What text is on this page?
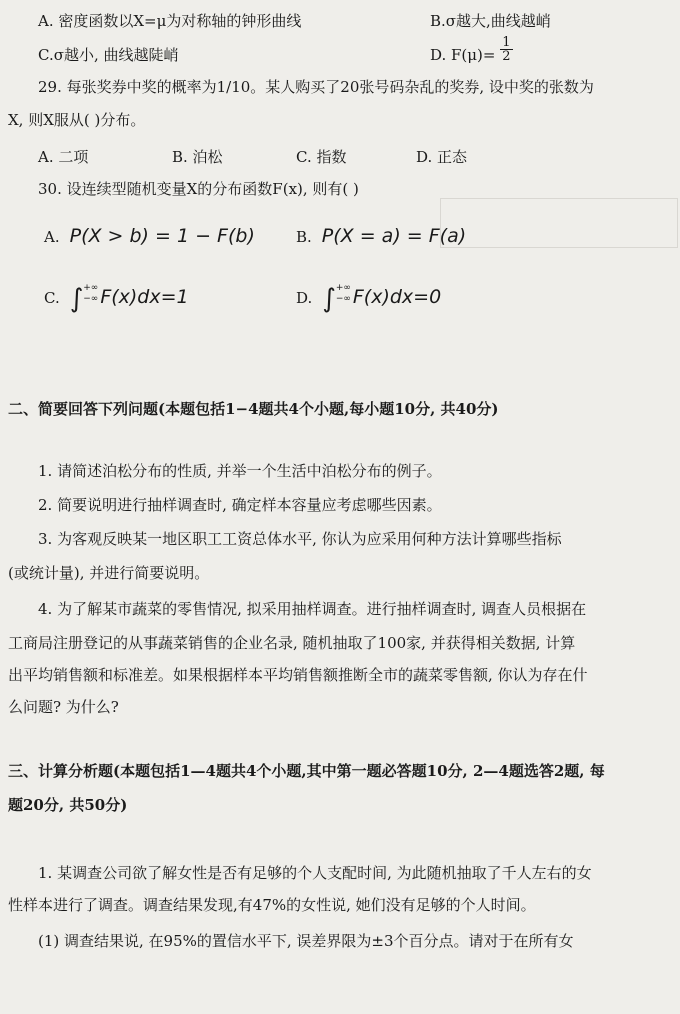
A. 密度函数以X=μ为对称轴的钟形曲线	B.σ越大,曲线越峭
C.σ越小, 曲线越陡峭	D. $F(\mu)= \frac{1}{2}$
29. 每张奖券中奖的概率为1/10。某人购买了20张号码杂乱的奖券, 设中奖的张数为
X, 则X服从( )分布。
A. 二项	B. 泊松	C. 指数	D. 正态
30. 设连续型随机变量X的分布函数F(x), 则有( )
A. P(X > b) = 1 − F(b)	B. P(X = a) = F(a)
C. ∫+∞
−∞ F(x)dx=1	D. ∫+∞
−∞ F(x)dx=0
二、简要回答下列问题(本题包括1−4题共4个小题,每小题10分, 共40分)
1. 请简述泊松分布的性质, 并举一个生活中泊松分布的例子。
2. 简要说明进行抽样调查时, 确定样本容量应考虑哪些因素。
3. 为客观反映某一地区职工工资总体水平, 你认为应采用何种方法计算哪些指标
(或统计量), 并进行简要说明。
4. 为了解某市蔬菜的零售情况, 拟采用抽样调查。进行抽样调查时, 调查人员根据在
工商局注册登记的从事蔬菜销售的企业名录, 随机抽取了100家, 并获得相关数据, 计算
出平均销售额和标准差。如果根据样本平均销售额推断全市的蔬菜零售额, 你认为存在什
么问题? 为什么?
三、计算分析题(本题包括1—4题共4个小题,其中第一题必答题10分, 2—4题选答2题, 每
题20分, 共50分)
1. 某调查公司欲了解女性是否有足够的个人支配时间, 为此随机抽取了千人左右的女
性样本进行了调查。调查结果发现,有47%的女性说, 她们没有足够的个人时间。
(1) 调查结果说, 在95%的置信水平下, 误差界限为±3个百分点。请对于在所有女
